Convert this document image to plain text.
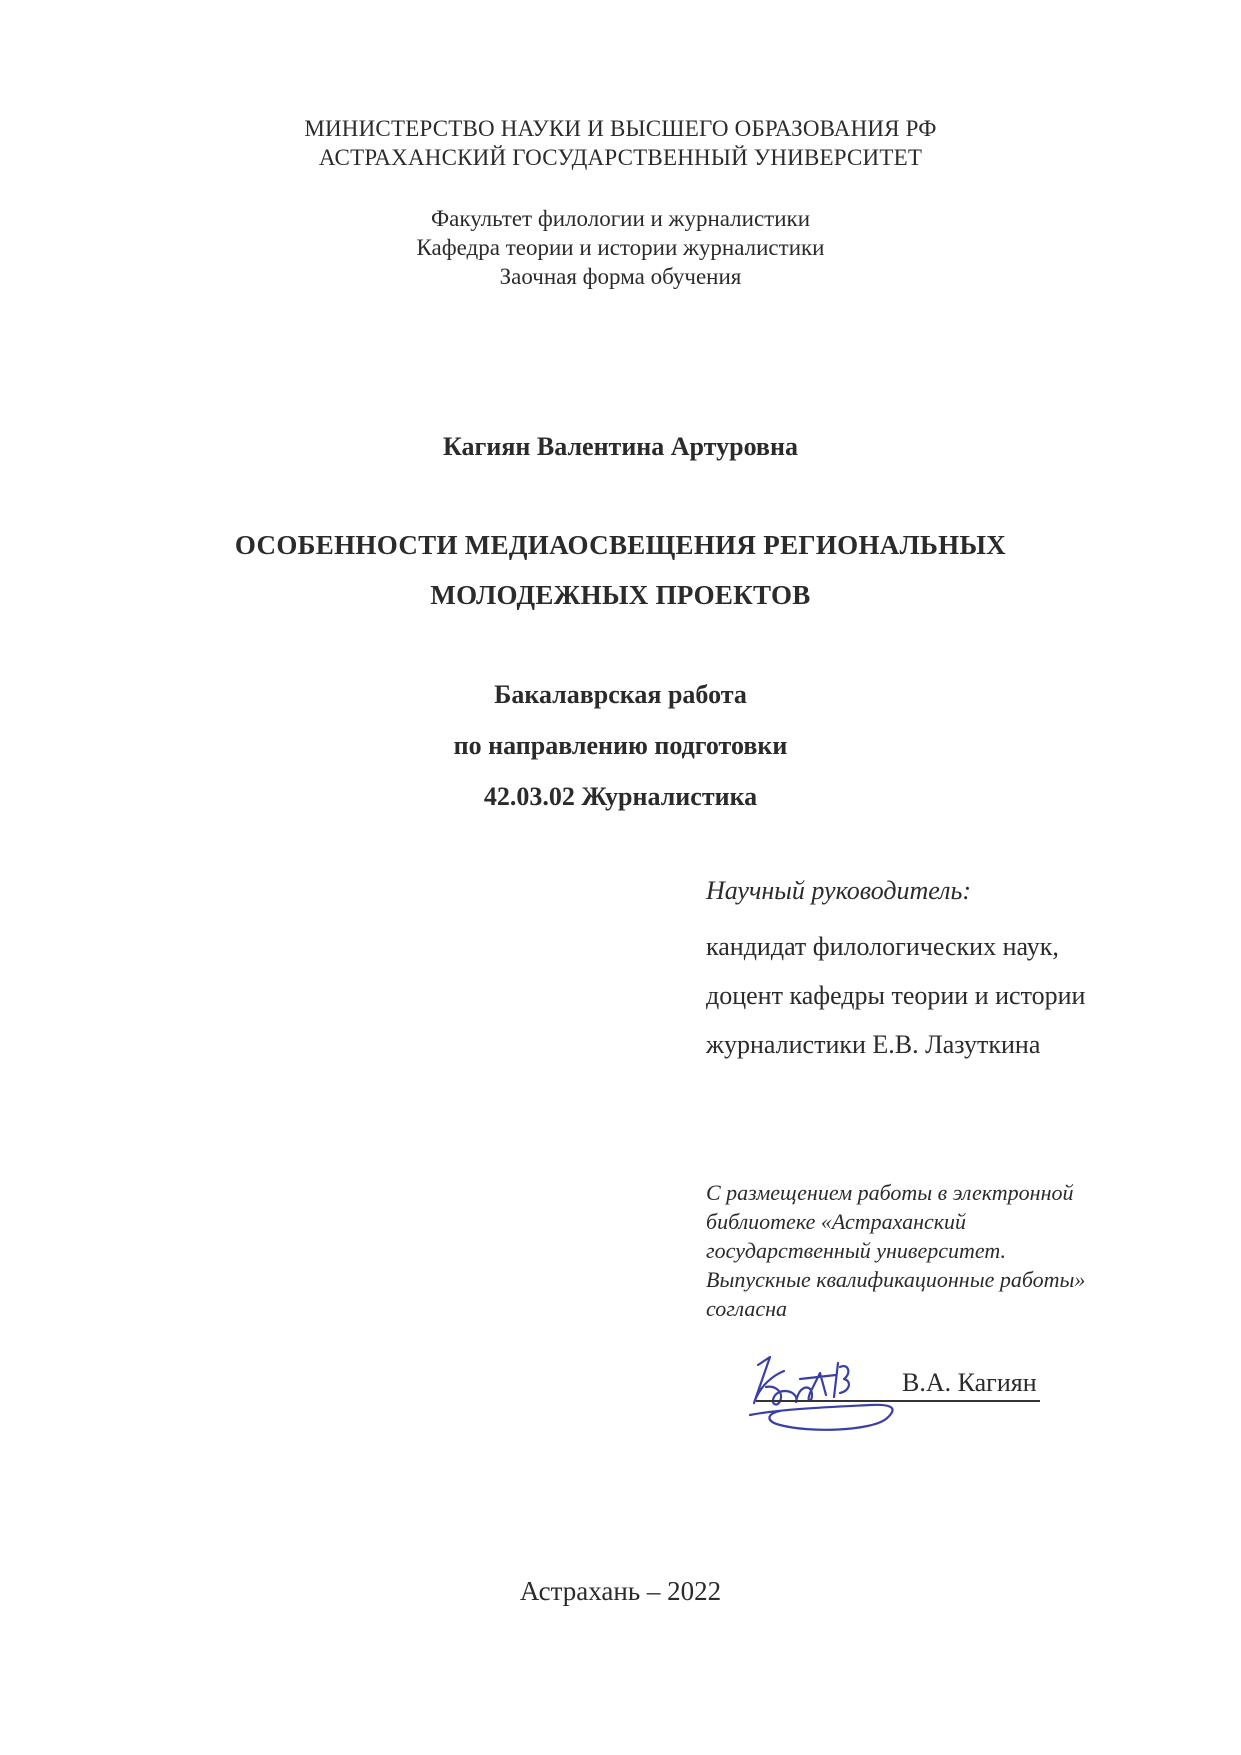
МИНИСТЕРСТВО НАУКИ И ВЫСШЕГО ОБРАЗОВАНИЯ РФ
АСТРАХАНСКИЙ ГОСУДАРСТВЕННЫЙ УНИВЕРСИТЕТ
Факультет филологии и журналистики
Кафедра теории и истории журналистики
Заочная форма обучения
Кагиян Валентина Артуровна
ОСОБЕННОСТИ МЕДИАОСВЕЩЕНИЯ РЕГИОНАЛЬНЫХ
МОЛОДЕЖНЫХ ПРОЕКТОВ
Бакалаврская работа
по направлению подготовки
42.03.02 Журналистика
Научный руководитель:
кандидат филологических наук,
доцент кафедры теории и истории
журналистики Е.В. Лазуткина
С размещением работы в электронной
библиотеке «Астраханский
государственный университет.
Выпускные квалификационные работы»
согласна
В.А. Кагиян
Астрахань – 2022
